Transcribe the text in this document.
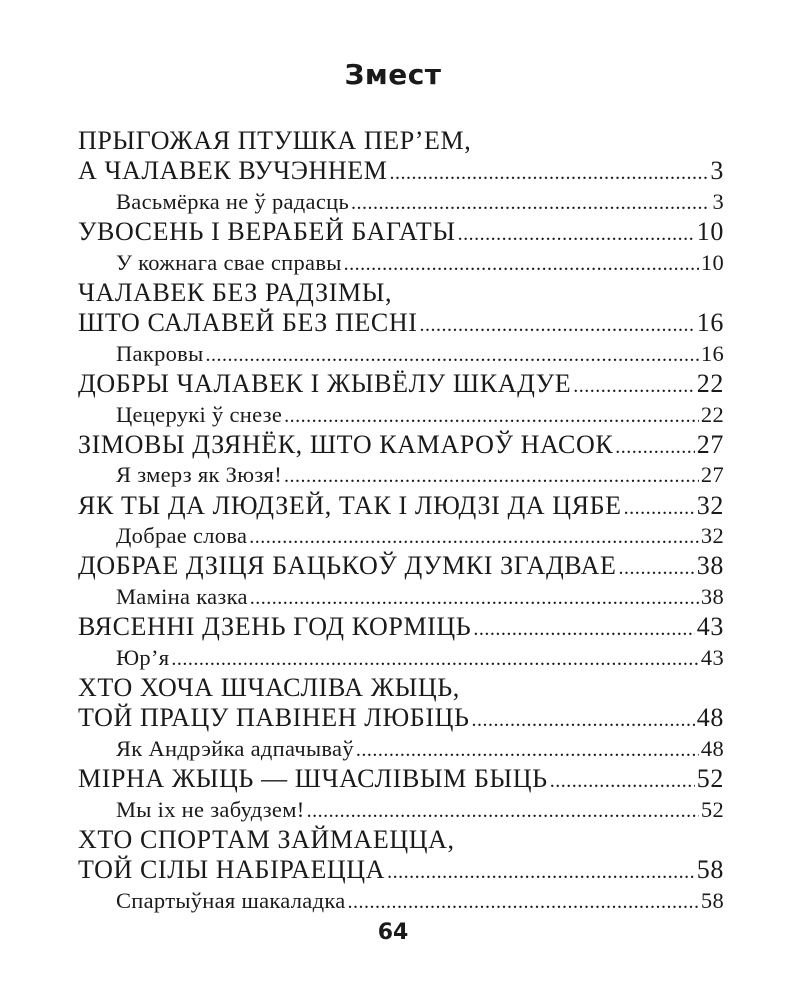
Змест
ПРЫГОЖАЯ ПТУШКА ПЕР’ЕМ,
А ЧАЛАВЕК ВУЧЭННЕМ .....	3
Васьмёрка не ў радасць .....	3
УВОСЕНЬ І ВЕРАБЕЙ БАГАТЫ .....	10
У кожнага свае справы .....	10
ЧАЛАВЕК БЕЗ РАДЗІМЫ,
ШТО САЛАВЕЙ БЕЗ ПЕСНІ .....	16
Пакровы .....	16
ДОБРЫ ЧАЛАВЕК І ЖЫВЁЛУ ШКАДУЕ .....	22
Цецерукі ў снезе .....	22
ЗІМОВЫ ДЗЯНЁК, ШТО КАМАРОЎ НАСОК .....	27
Я змерз як Зюзя! .....	27
ЯК ТЫ ДА ЛЮДЗЕЙ, ТАК І ЛЮДЗІ ДА ЦЯБЕ .....	32
Добрае слова .....	32
ДОБРАЕ ДЗІЦЯ БАЦЬКОЎ ДУМКІ ЗГАДВАЕ .....	38
Маміна казка .....	38
ВЯСЕННІ ДЗЕНЬ ГОД КОРМІЦЬ .....	43
Юр’я .....	43
ХТО ХОЧА ШЧАСЛІВА ЖЫЦЬ,
ТОЙ ПРАЦУ ПАВІНЕН ЛЮБІЦЬ .....	48
Як Андрэйка адпачываў .....	48
МІРНА ЖЫЦЬ — ШЧАСЛІВЫМ БЫЦЬ .....	52
Мы іх не забудзем! .....	52
ХТО СПОРТАМ ЗАЙМАЕЦЦА,
ТОЙ СІЛЫ НАБІРАЕЦЦА .....	58
Спартыўная шакаладка .....	58
64
